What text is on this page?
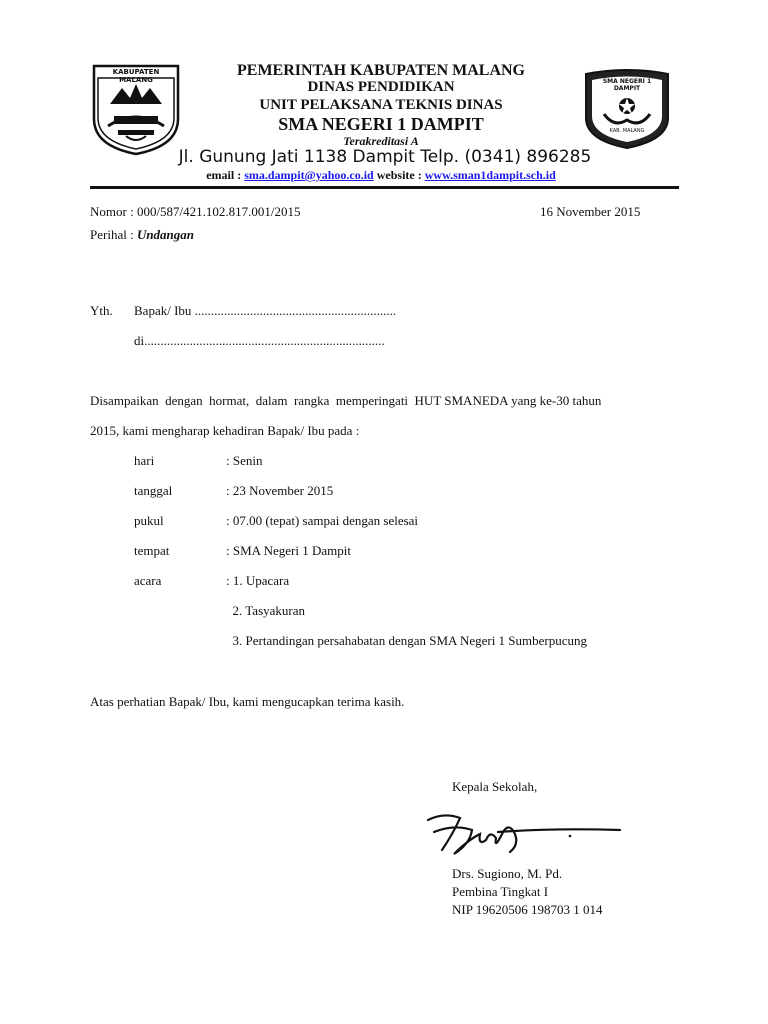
KABUPATEN MALANG	SMA NEGERI 1 DAMPIT
KAB. MALANG
PEMERINTAH KABUPATEN MALANG
DINAS PENDIDIKAN
UNIT PELAKSANA TEKNIS DINAS
SMA NEGERI 1 DAMPIT
Terakreditasi A
Jl. Gunung Jati 1138 Dampit Telp. (0341) 896285
email : sma.dampit@yahoo.co.id website : www.sman1dampit.sch.id
Nomor : 000/587/421.102.817.001/2015	16 November 2015
Perihal : Undangan
Yth. Bapak/ Ibu ..............................................................
di..........................................................................
Disampaikan  dengan  hormat,  dalam  rangka  memperingati  HUT SMANEDA yang ke-30 tahun
2015, kami mengharap kehadiran Bapak/ Ibu pada :
hari	: Senin
tanggal	: 23 November 2015
pukul	: 07.00 (tepat) sampai dengan selesai
tempat	: SMA Negeri 1 Dampit
acara	: 1. Upacara
2. Tasyakuran
3. Pertandingan persahabatan dengan SMA Negeri 1 Sumberpucung
Atas perhatian Bapak/ Ibu, kami mengucapkan terima kasih.
Kepala Sekolah,
Drs. Sugiono, M. Pd.
Pembina Tingkat I
NIP 19620506 198703 1 014
